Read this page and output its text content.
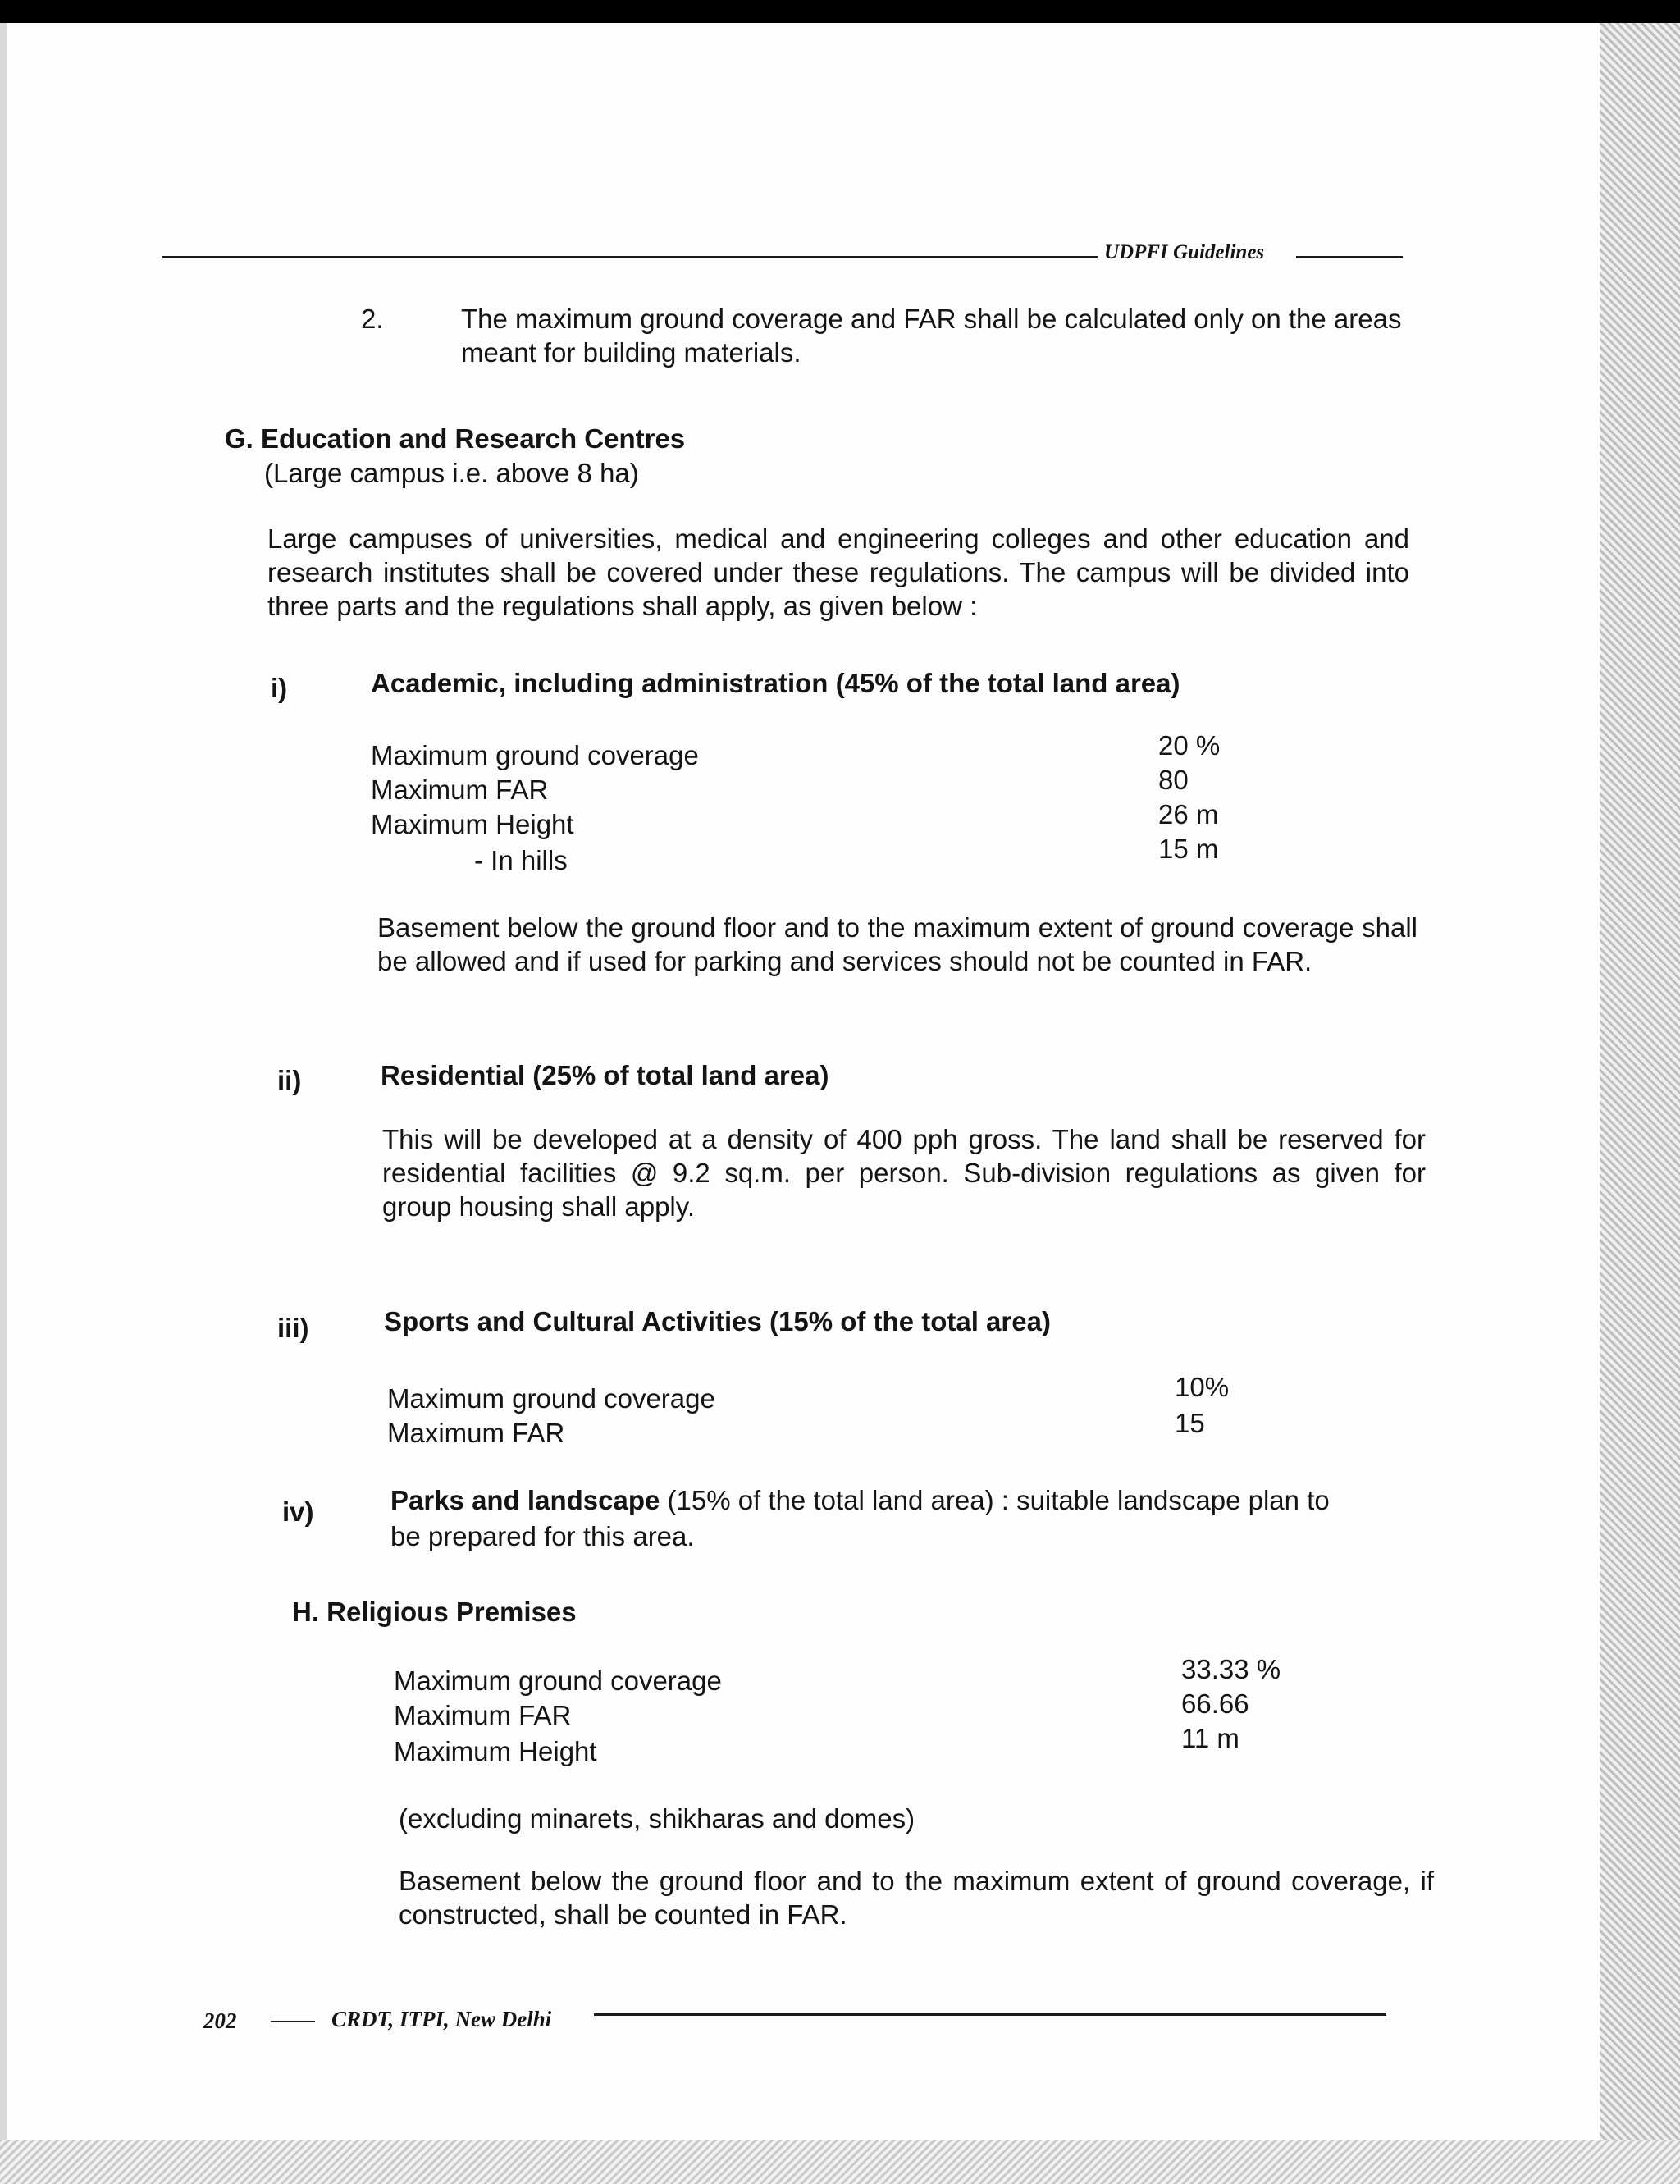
UDPFI Guidelines
2.	The maximum ground coverage and FAR shall be calculated only on the areas meant for building materials.
G. Education and Research Centres
(Large campus i.e. above 8 ha)
Large campuses of universities, medical and engineering colleges and other education and research institutes shall be covered under these regulations. The campus will be divided into three parts and the regulations shall apply, as given below :
i)	Academic, including administration (45% of the total land area)
Maximum ground coverage	20 %
Maximum FAR	80
Maximum Height	26 m
- In hills	15 m
Basement below the ground floor and to the maximum extent of ground coverage shall be allowed and if used for parking and services should not be counted in FAR.
ii)	Residential (25% of total land area)
This will be developed at a density of 400 pph gross. The land shall be reserved for residential facilities @ 9.2 sq.m. per person. Sub-division regulations as given for group housing shall apply.
iii)	Sports and Cultural Activities (15% of the total area)
Maximum ground coverage	10%
Maximum FAR	15
iv)	Parks and landscape (15% of the total land area) : suitable landscape plan to
be prepared for this area.
H. Religious Premises
Maximum ground coverage	33.33 %
Maximum FAR	66.66
Maximum Height	11 m
(excluding minarets, shikharas and domes)
Basement below the ground floor and to the maximum extent of ground coverage, if constructed, shall be counted in FAR.
202	CRDT, ITPI, New Delhi
